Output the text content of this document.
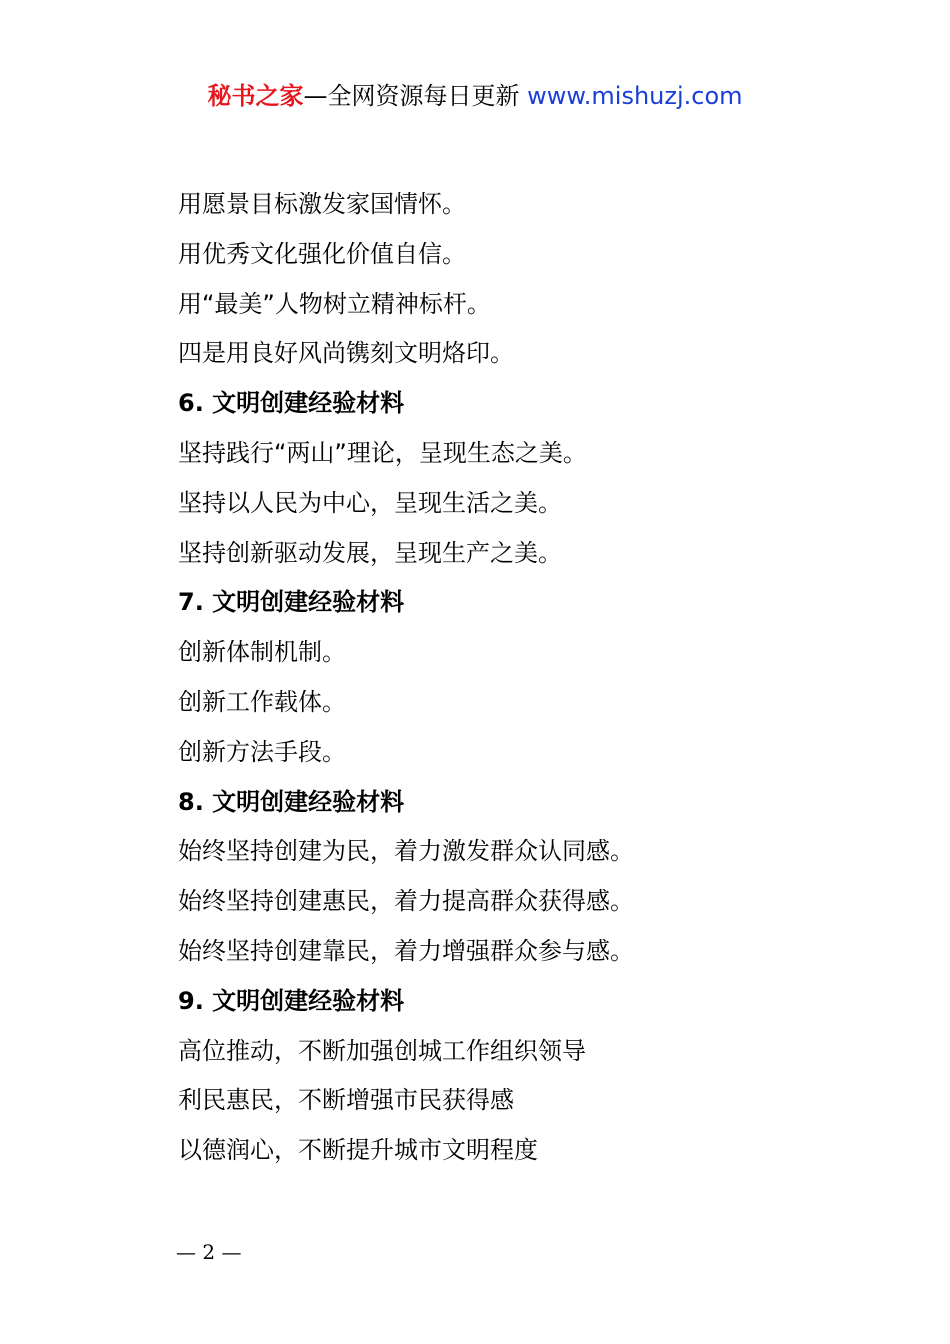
秘书之家—全网资源每日更新 www.mishuzj.com
用愿景目标激发家国情怀。
用优秀文化强化价值自信。
用“最美”人物树立精神标杆。
四是用良好风尚镌刻文明烙印。
6. 文明创建经验材料
坚持践行“两山”理论，呈现生态之美。
坚持以人民为中心，呈现生活之美。
坚持创新驱动发展，呈现生产之美。
7. 文明创建经验材料
创新体制机制。
创新工作载体。
创新方法手段。
8. 文明创建经验材料
始终坚持创建为民，着力激发群众认同感。
始终坚持创建惠民，着力提高群众获得感。
始终坚持创建靠民，着力增强群众参与感。
9. 文明创建经验材料
高位推动，不断加强创城工作组织领导
利民惠民，不断增强市民获得感
以德润心，不断提升城市文明程度
— 2 —
